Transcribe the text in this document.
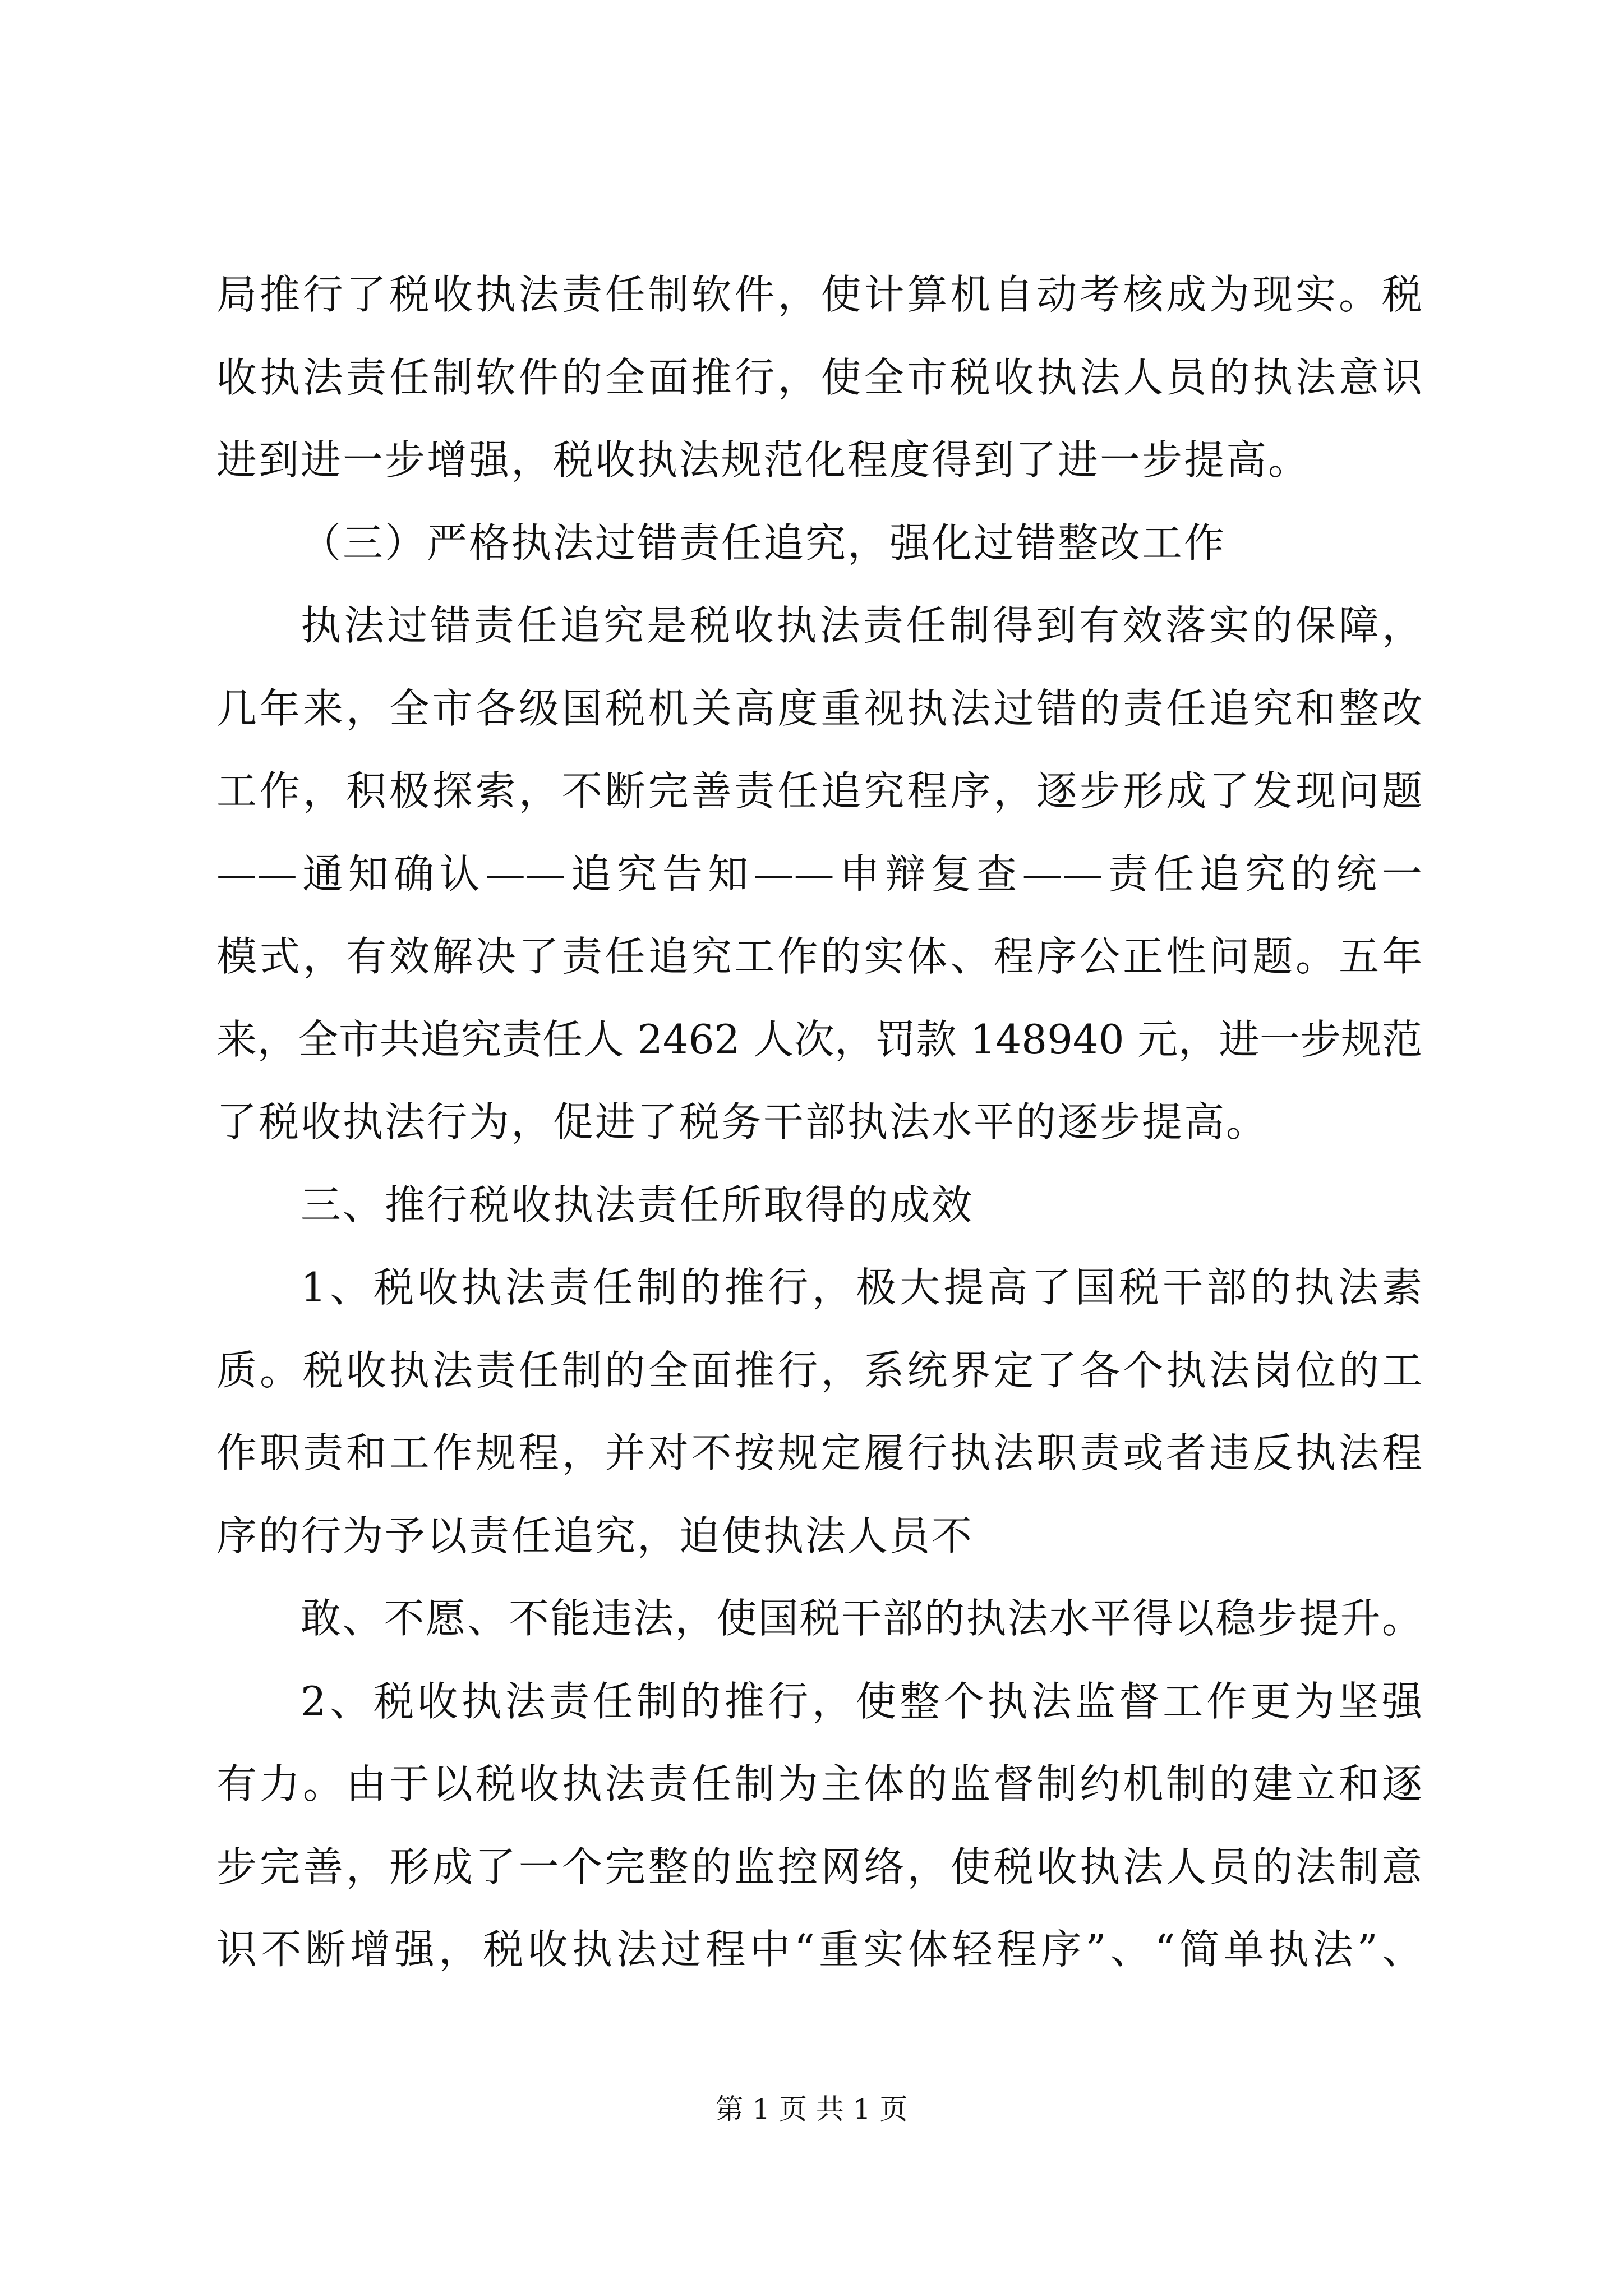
局推行了税收执法责任制软件，使计算机自动考核成为现实。税
收执法责任制软件的全面推行，使全市税收执法人员的执法意识
进到进一步增强，税收执法规范化程度得到了进一步提高。
（三）严格执法过错责任追究，强化过错整改工作
执法过错责任追究是税收执法责任制得到有效落实的保障，
几年来，全市各级国税机关高度重视执法过错的责任追究和整改
工作，积极探索，不断完善责任追究程序，逐步形成了发现问题
——通知确认——追究告知——申辩复查——责任追究的统一
模式，有效解决了责任追究工作的实体、程序公正性问题。五年
来，全市共追究责任人 2462 人次，罚款 148940 元，进一步规范
了税收执法行为，促进了税务干部执法水平的逐步提高。
三、推行税收执法责任所取得的成效
1、税收执法责任制的推行，极大提高了国税干部的执法素
质。税收执法责任制的全面推行，系统界定了各个执法岗位的工
作职责和工作规程，并对不按规定履行执法职责或者违反执法程
序的行为予以责任追究，迫使执法人员不
敢、不愿、不能违法，使国税干部的执法水平得以稳步提升。
2、税收执法责任制的推行，使整个执法监督工作更为坚强
有力。由于以税收执法责任制为主体的监督制约机制的建立和逐
步完善，形成了一个完整的监控网络，使税收执法人员的法制意
识不断增强，税收执法过程中“重实体轻程序”、“简单执法”、
第 1 页 共 1 页
